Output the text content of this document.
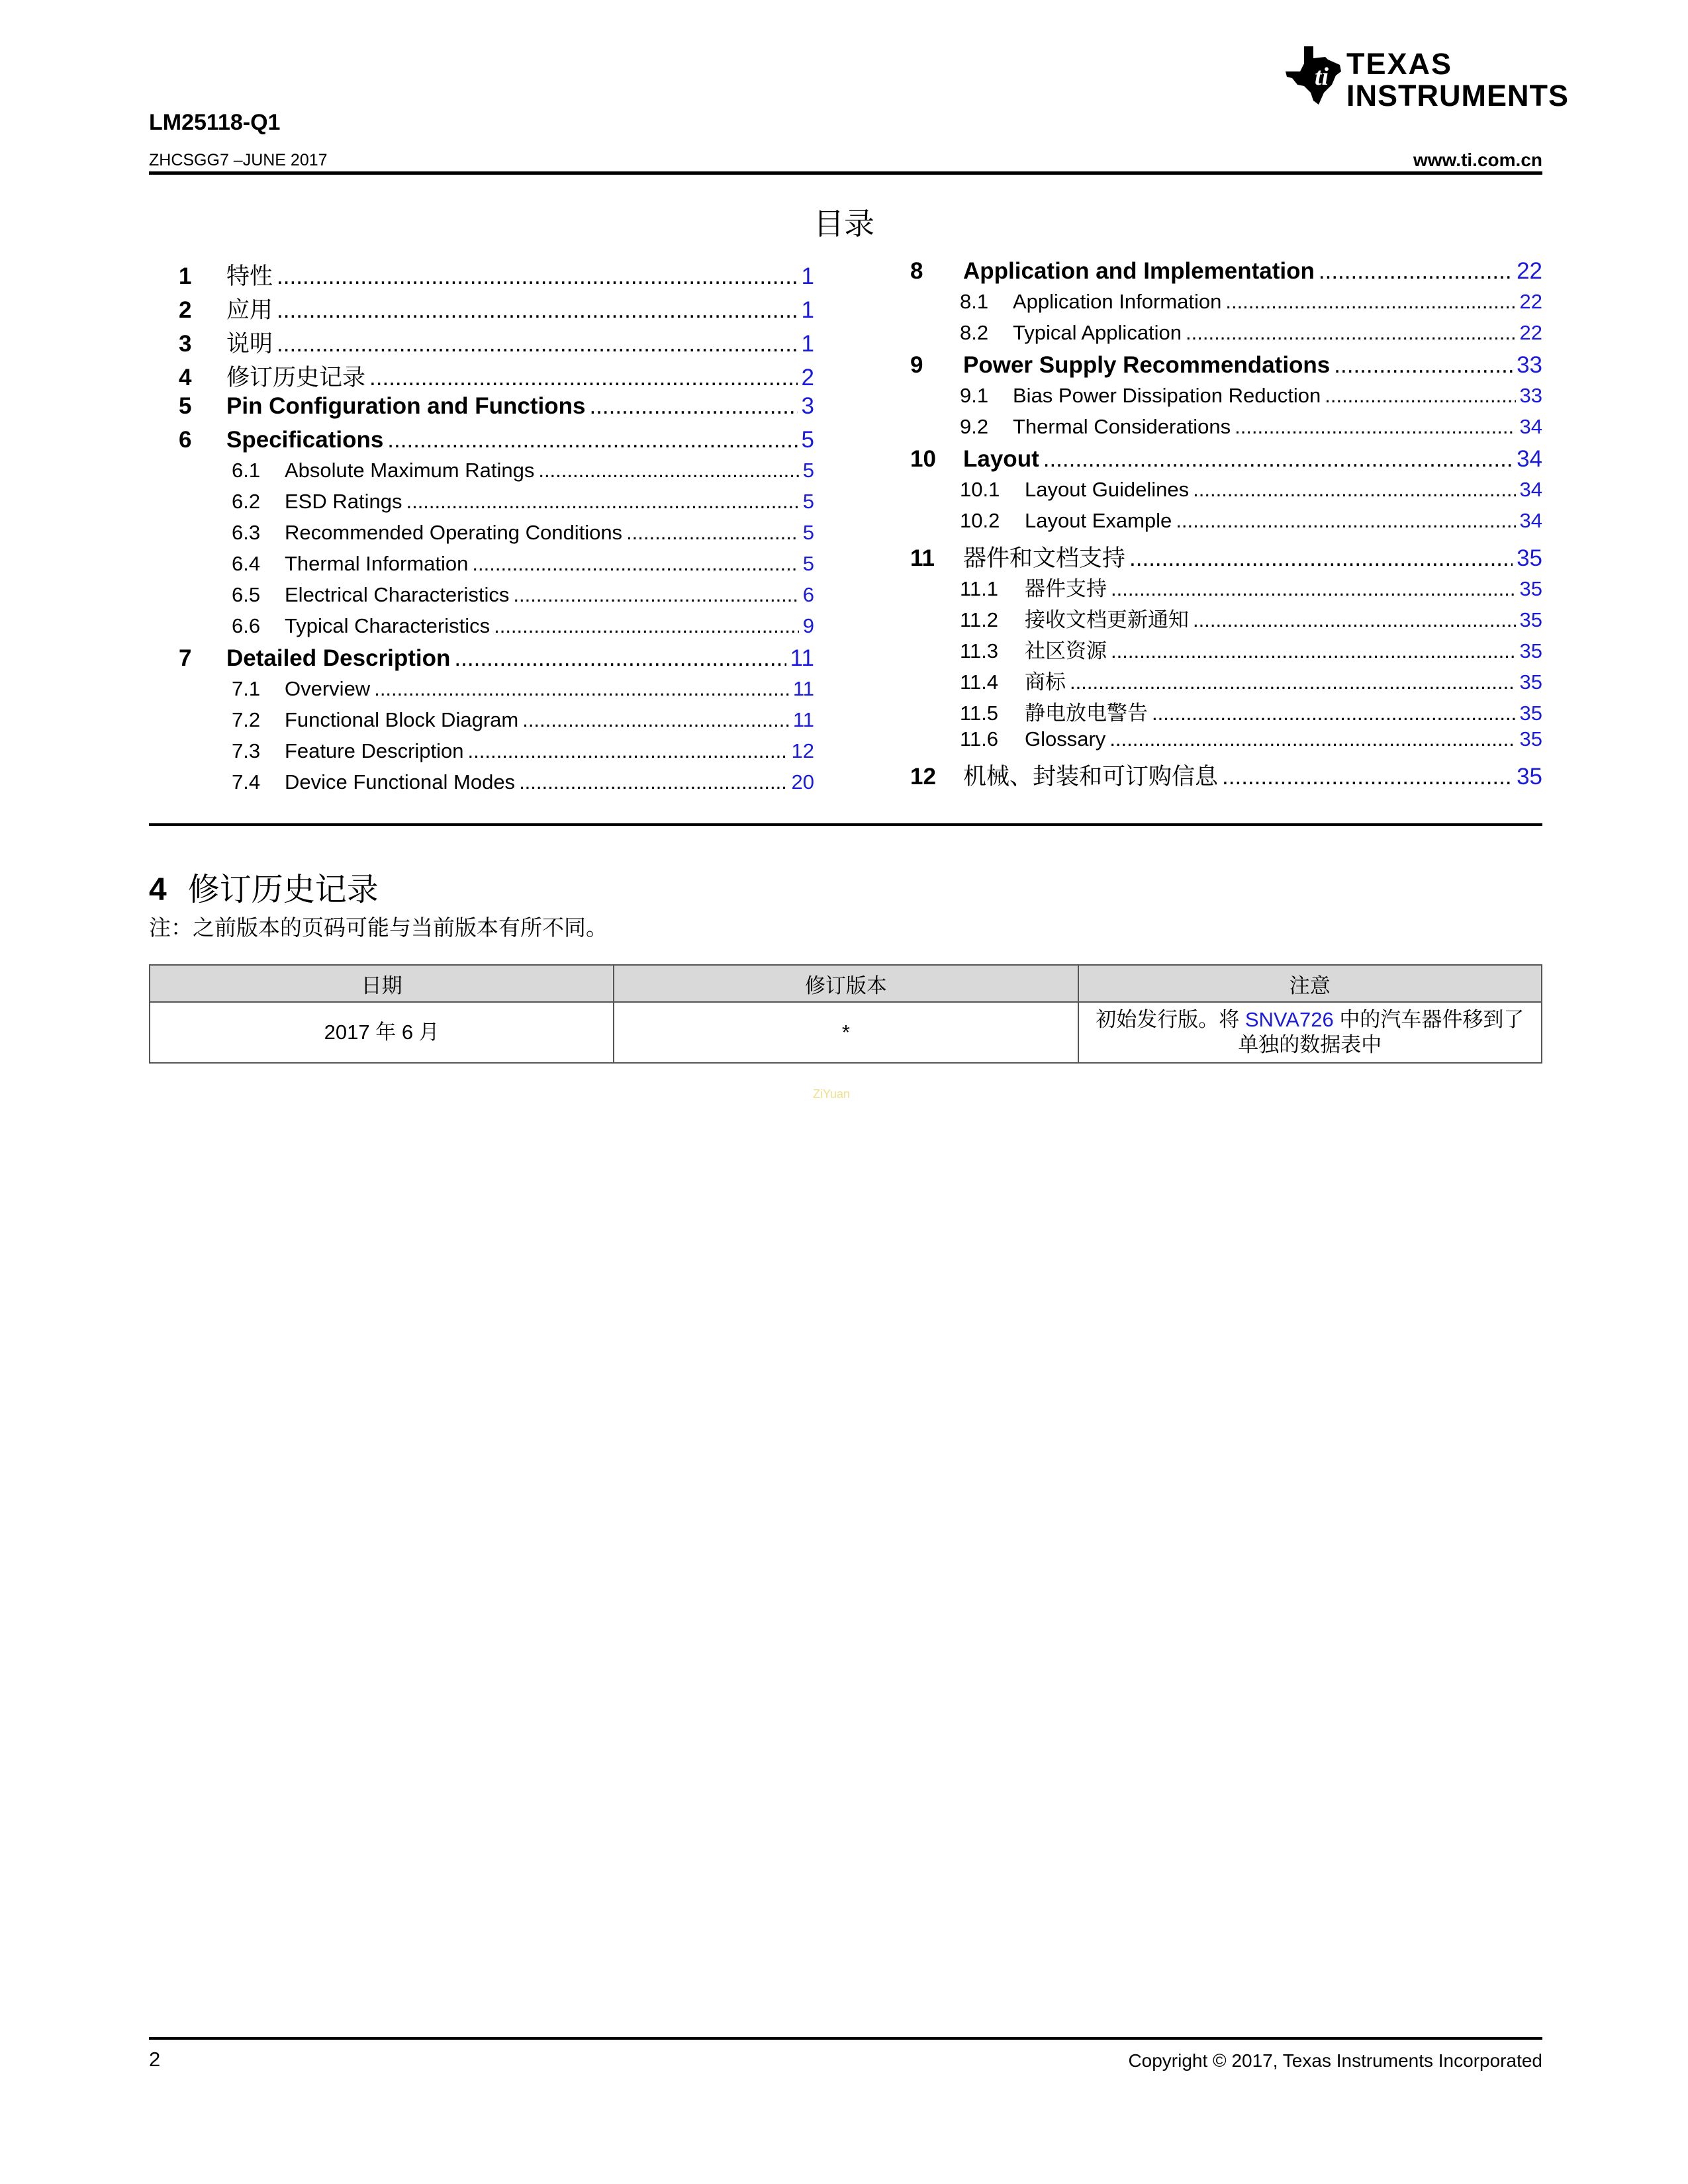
ti TEXAS
INSTRUMENTS
LM25118-Q1
ZHCSGG7 –JUNE 2017	www.ti.com.cn
目录
1	特性 .....	1
2	应用 .....	1
3	说明 .....	1
4	修订历史记录 .....	2
5	Pin Configuration and Functions .....	3
6	Specifications .....	5
6.1	Absolute Maximum Ratings .....	5
6.2	ESD Ratings .....	5
6.3	Recommended Operating Conditions .....	5
6.4	Thermal Information .....	5
6.5	Electrical Characteristics .....	6
6.6	Typical Characteristics .....	9
7	Detailed Description .....	11
7.1	Overview .....	11
7.2	Functional Block Diagram .....	11
7.3	Feature Description .....	12
7.4	Device Functional Modes .....	20
8	Application and Implementation .....	22
8.1	Application Information .....	22
8.2	Typical Application .....	22
9	Power Supply Recommendations .....	33
9.1	Bias Power Dissipation Reduction .....	33
9.2	Thermal Considerations .....	34
10	Layout .....	34
10.1	Layout Guidelines .....	34
10.2	Layout Example .....	34
11	器件和文档支持 .....	35
11.1	器件支持 .....	35
11.2	接收文档更新通知 .....	35
11.3	社区资源 .....	35
11.4	商标 .....	35
11.5	静电放电警告 .....	35
11.6	Glossary .....	35
12	机械、封装和可订购信息 .....	35
4 修订历史记录
注：之前版本的页码可能与当前版本有所不同。
日期	修订版本	注意
2017 年 6 月	*	初始发行版。将 SNVA726 中的汽车器件移到了单独的数据表中
ZiYuan
2	Copyright © 2017, Texas Instruments Incorporated
